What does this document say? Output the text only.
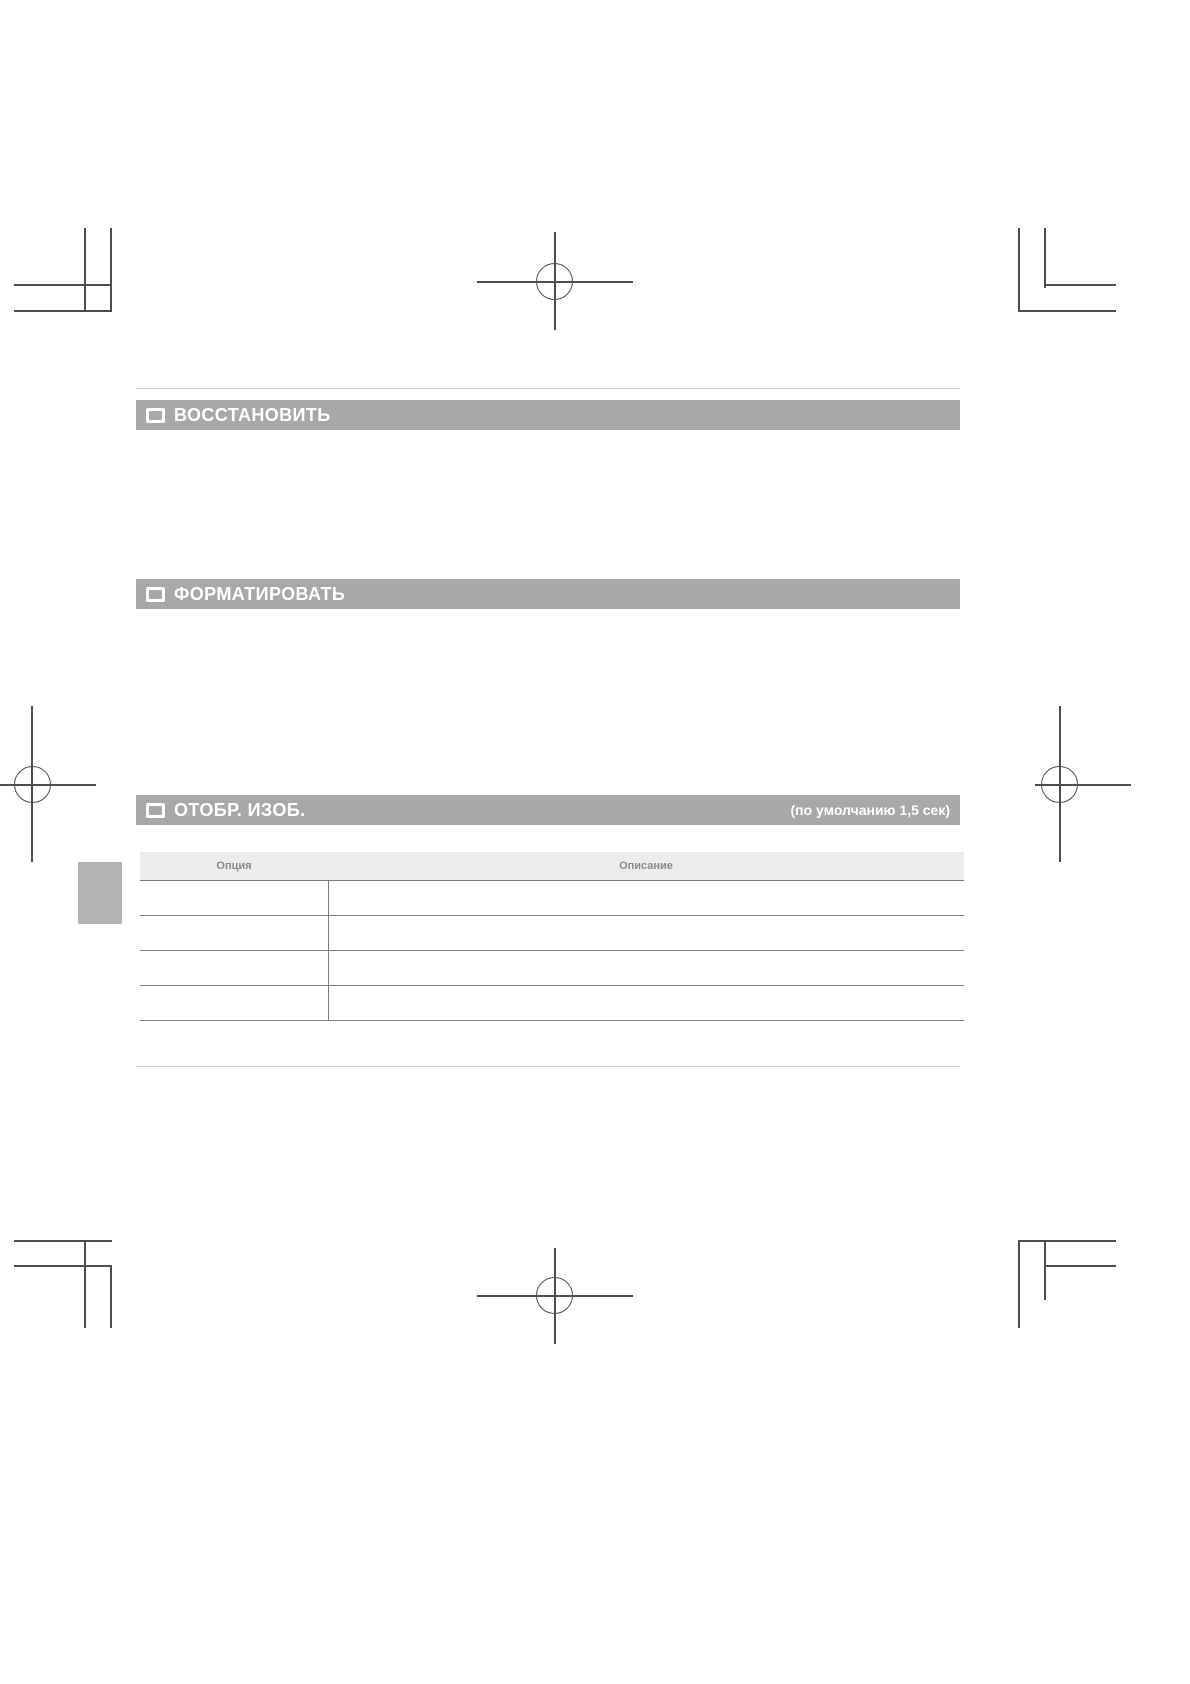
ВОССТАНОВИТЬ
ФОРМАТИРОВАТЬ
ОТОБР. ИЗОБ.	(по умолчанию 1,5 сек)
Опция	Описание
